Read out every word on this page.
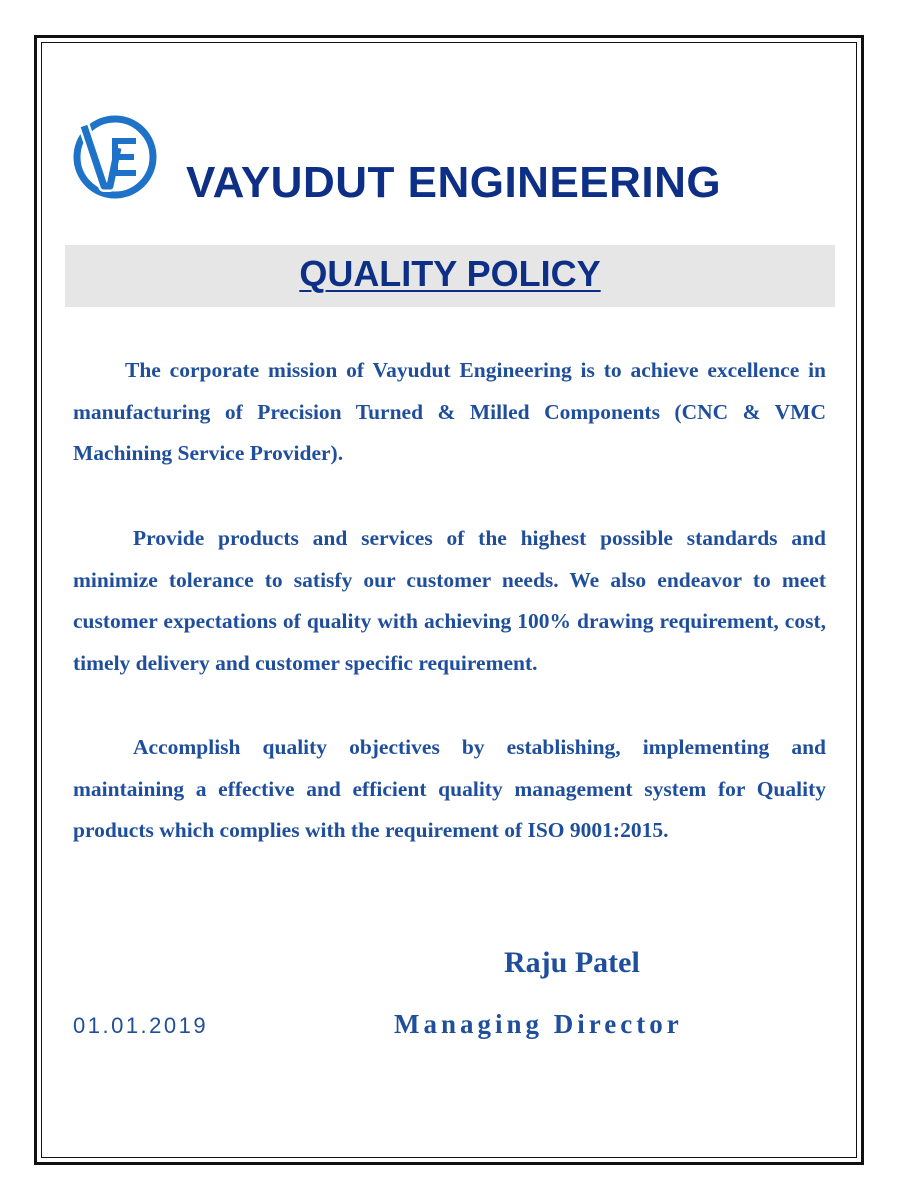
VAYUDUT ENGINEERING
QUALITY POLICY

The corporate mission of Vayudut Engineering is to achieve excellence in manufacturing of Precision Turned & Milled Components (CNC & VMC Machining Service Provider).

Provide products and services of the highest possible standards and minimize tolerance to satisfy our customer needs. We also endeavor to meet customer expectations of quality with achieving 100% drawing requirement, cost, timely delivery and customer specific requirement.

Accomplish quality objectives by establishing, implementing and maintaining a effective and efficient quality management system for Quality products which complies with the requirement of ISO 9001:2015.

Raju Patel
01.01.2019	Managing Director
